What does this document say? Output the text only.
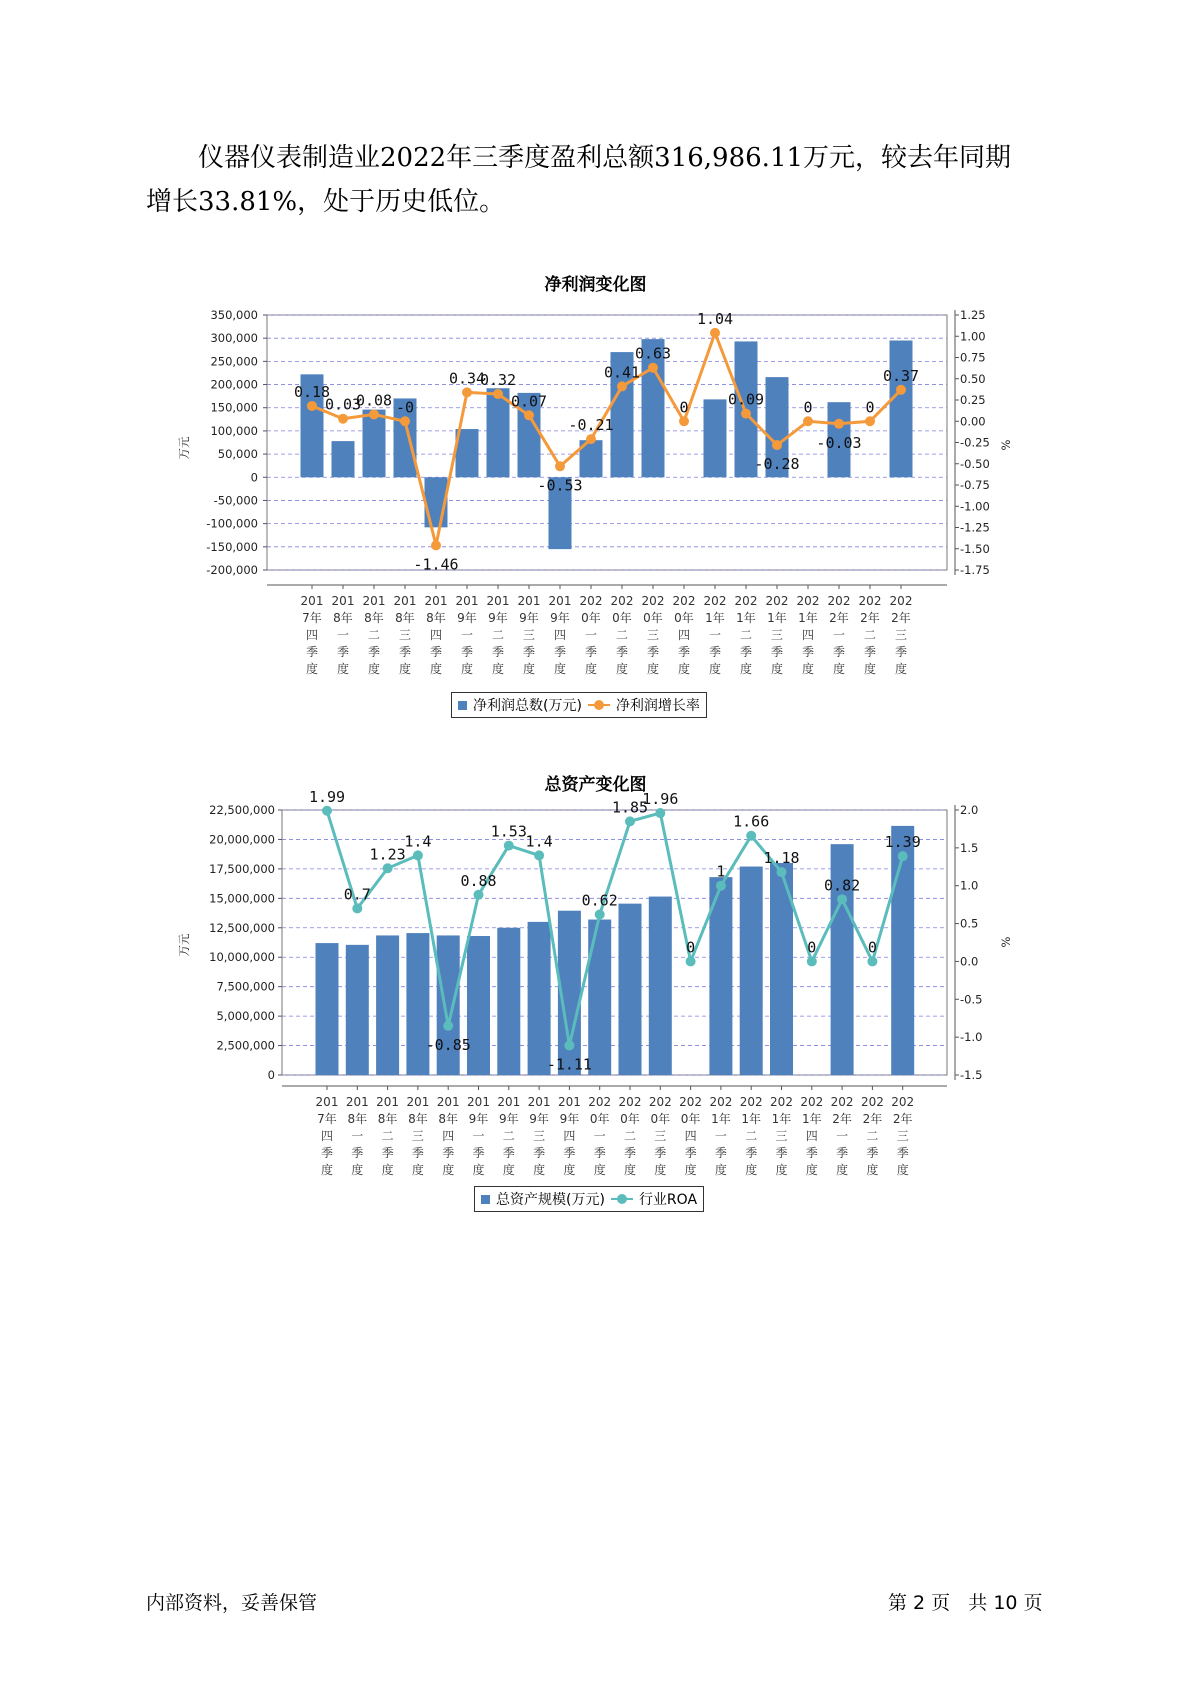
仪器仪表制造业2022年三季度盈利总额316,986.11万元，较去年同期
增长33.81%，处于历史低位。
净利润变化图
350,000
300,000
250,000
200,000
150,000
100,000
50,000
0
-50,000
-100,000
-150,000
-200,000
1.25
1.00
0.75
0.50
0.25
0.00
-0.25
-0.50
-0.75
-1.00
-1.25
-1.50
-1.75
万元	%
201 7年四季度
201 8年一季度
201 8年二季度
201 8年三季度
201 8年四季度
201 9年一季度
201 9年二季度
201 9年三季度
201 9年四季度
202 0年一季度
202 0年二季度
202 0年三季度
202 0年四季度
202 1年一季度
202 1年二季度
202 1年三季度
202 1年四季度
202 2年一季度
202 2年二季度
202 2年三季度
0.18
0.03
0.08 -0
-1.46
0.34
0.32
0.07
-0.53
-0.21
0.41
0.63
0
1.04
0.09
-0.28
0
-0.03
0
0.37
净利润总数(万元) 净利润增长率
总资产变化图
22,500,000
20,000,000
17,500,000
15,000,000
12,500,000
10,000,000
7,500,000
5,000,000
2,500,000
0
2.0
1.5
1.0
0.5
0.0
-0.5
-1.0
-1.5
万元	%
201 7年四季度
201 8年一季度
201 8年二季度
201 8年三季度
201 8年四季度
201 9年一季度
201 9年二季度
201 9年三季度
201 9年四季度
202 0年一季度
202 0年二季度
202 0年三季度
202 0年四季度
202 1年一季度
202 1年二季度
202 1年三季度
202 1年四季度
202 2年一季度
202 2年二季度
202 2年三季度
1.99
0.7
1.23
1.4
-0.85
0.88
1.53
1.4
-1.11
0.62
1.85
1.96
0
1
1.66
1.18
0
0.82
0
1.39
总资产规模(万元) 行业ROA
内部资料，妥善保管	第 2 页   共 10 页
